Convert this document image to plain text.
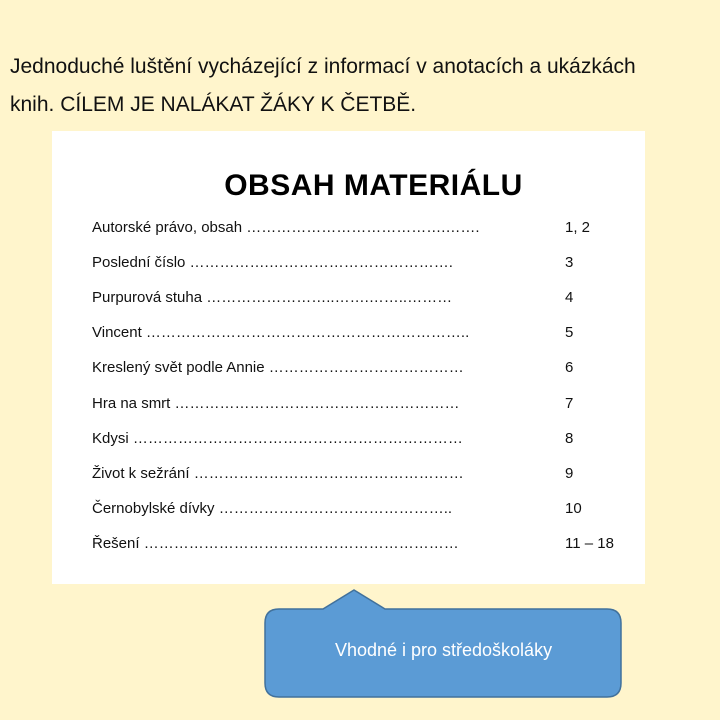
Jednoduché luštění vycházející z informací v anotacích a ukázkách
knih. CÍLEM JE NALÁKAT ŽÁKY K ČETBĚ.
OBSAH MATERIÁLU
Autorské právo, obsah ………………………………….…….	1, 2
Poslední číslo …………….……………………………….	3
Purpurová stuha ……………………..…….……..………	4
Vincent ………………………………………………………..	5
Kreslený svět podle Annie …………………………………	6
Hra na smrt …………………………………………………	7
Kdysi …………………………………………………………	8
Život k sežrání ………………………………………………	9
Černobylské dívky ………………………………………..	10
Řešení ………………………………………………………	11 – 18
Vhodné i pro středoškoláky
